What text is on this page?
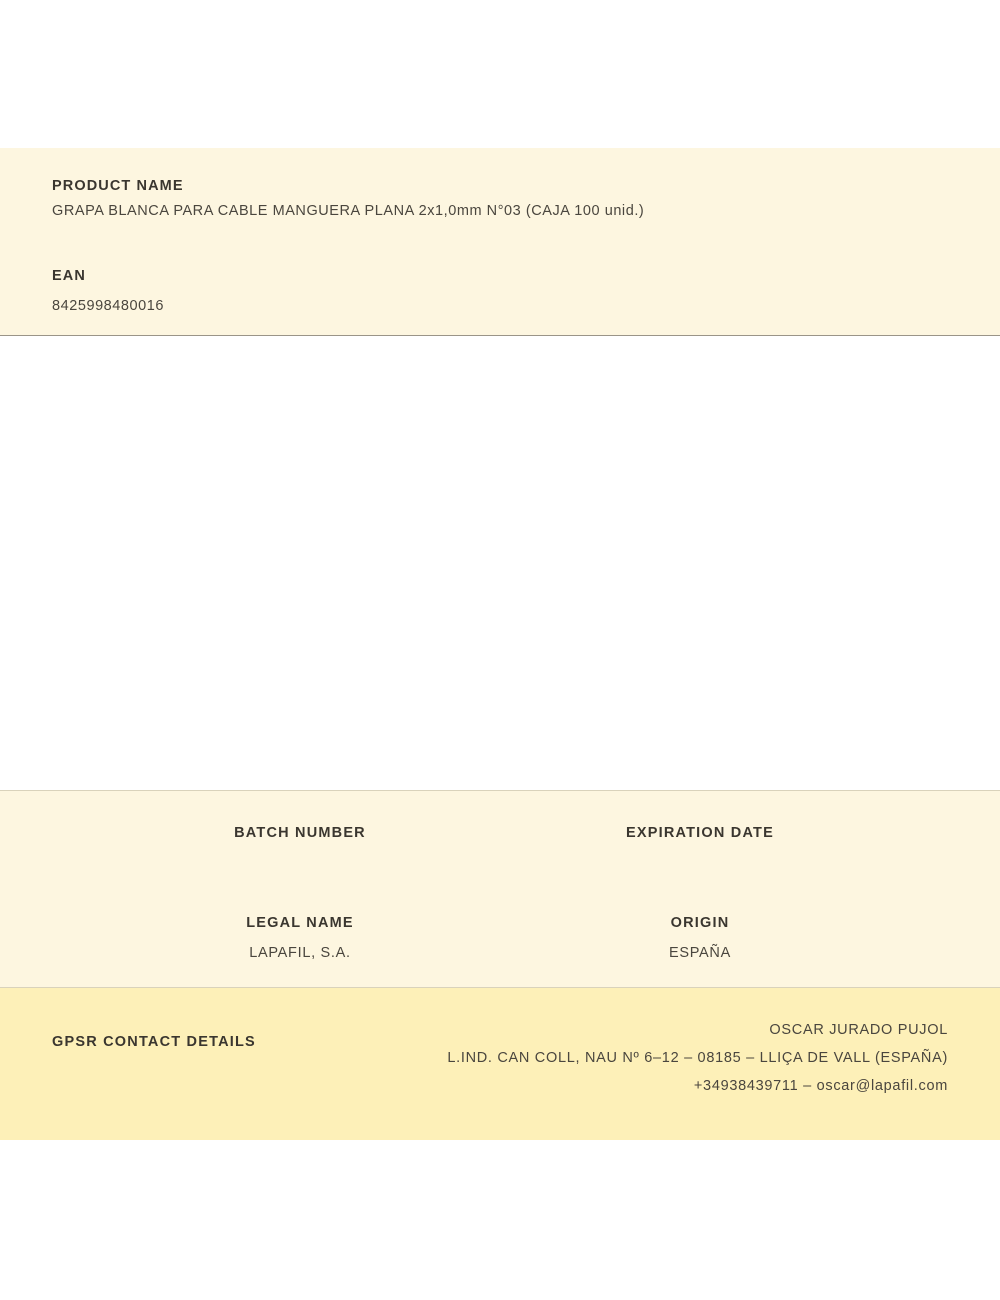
PRODUCT NAME
GRAPA BLANCA PARA CABLE MANGUERA PLANA 2x1,0mm N°03 (CAJA 100 unid.)
EAN
8425998480016
BATCH NUMBER	EXPIRATION DATE
LEGAL NAME
LAPAFIL, S.A.
ORIGIN
ESPAÑA
GPSR CONTACT DETAILS
OSCAR JURADO PUJOL
L.IND. CAN COLL, NAU Nº 6–12 – 08185 – LLIÇA DE VALL (ESPAÑA)
+34938439711 – oscar@lapafil.com
